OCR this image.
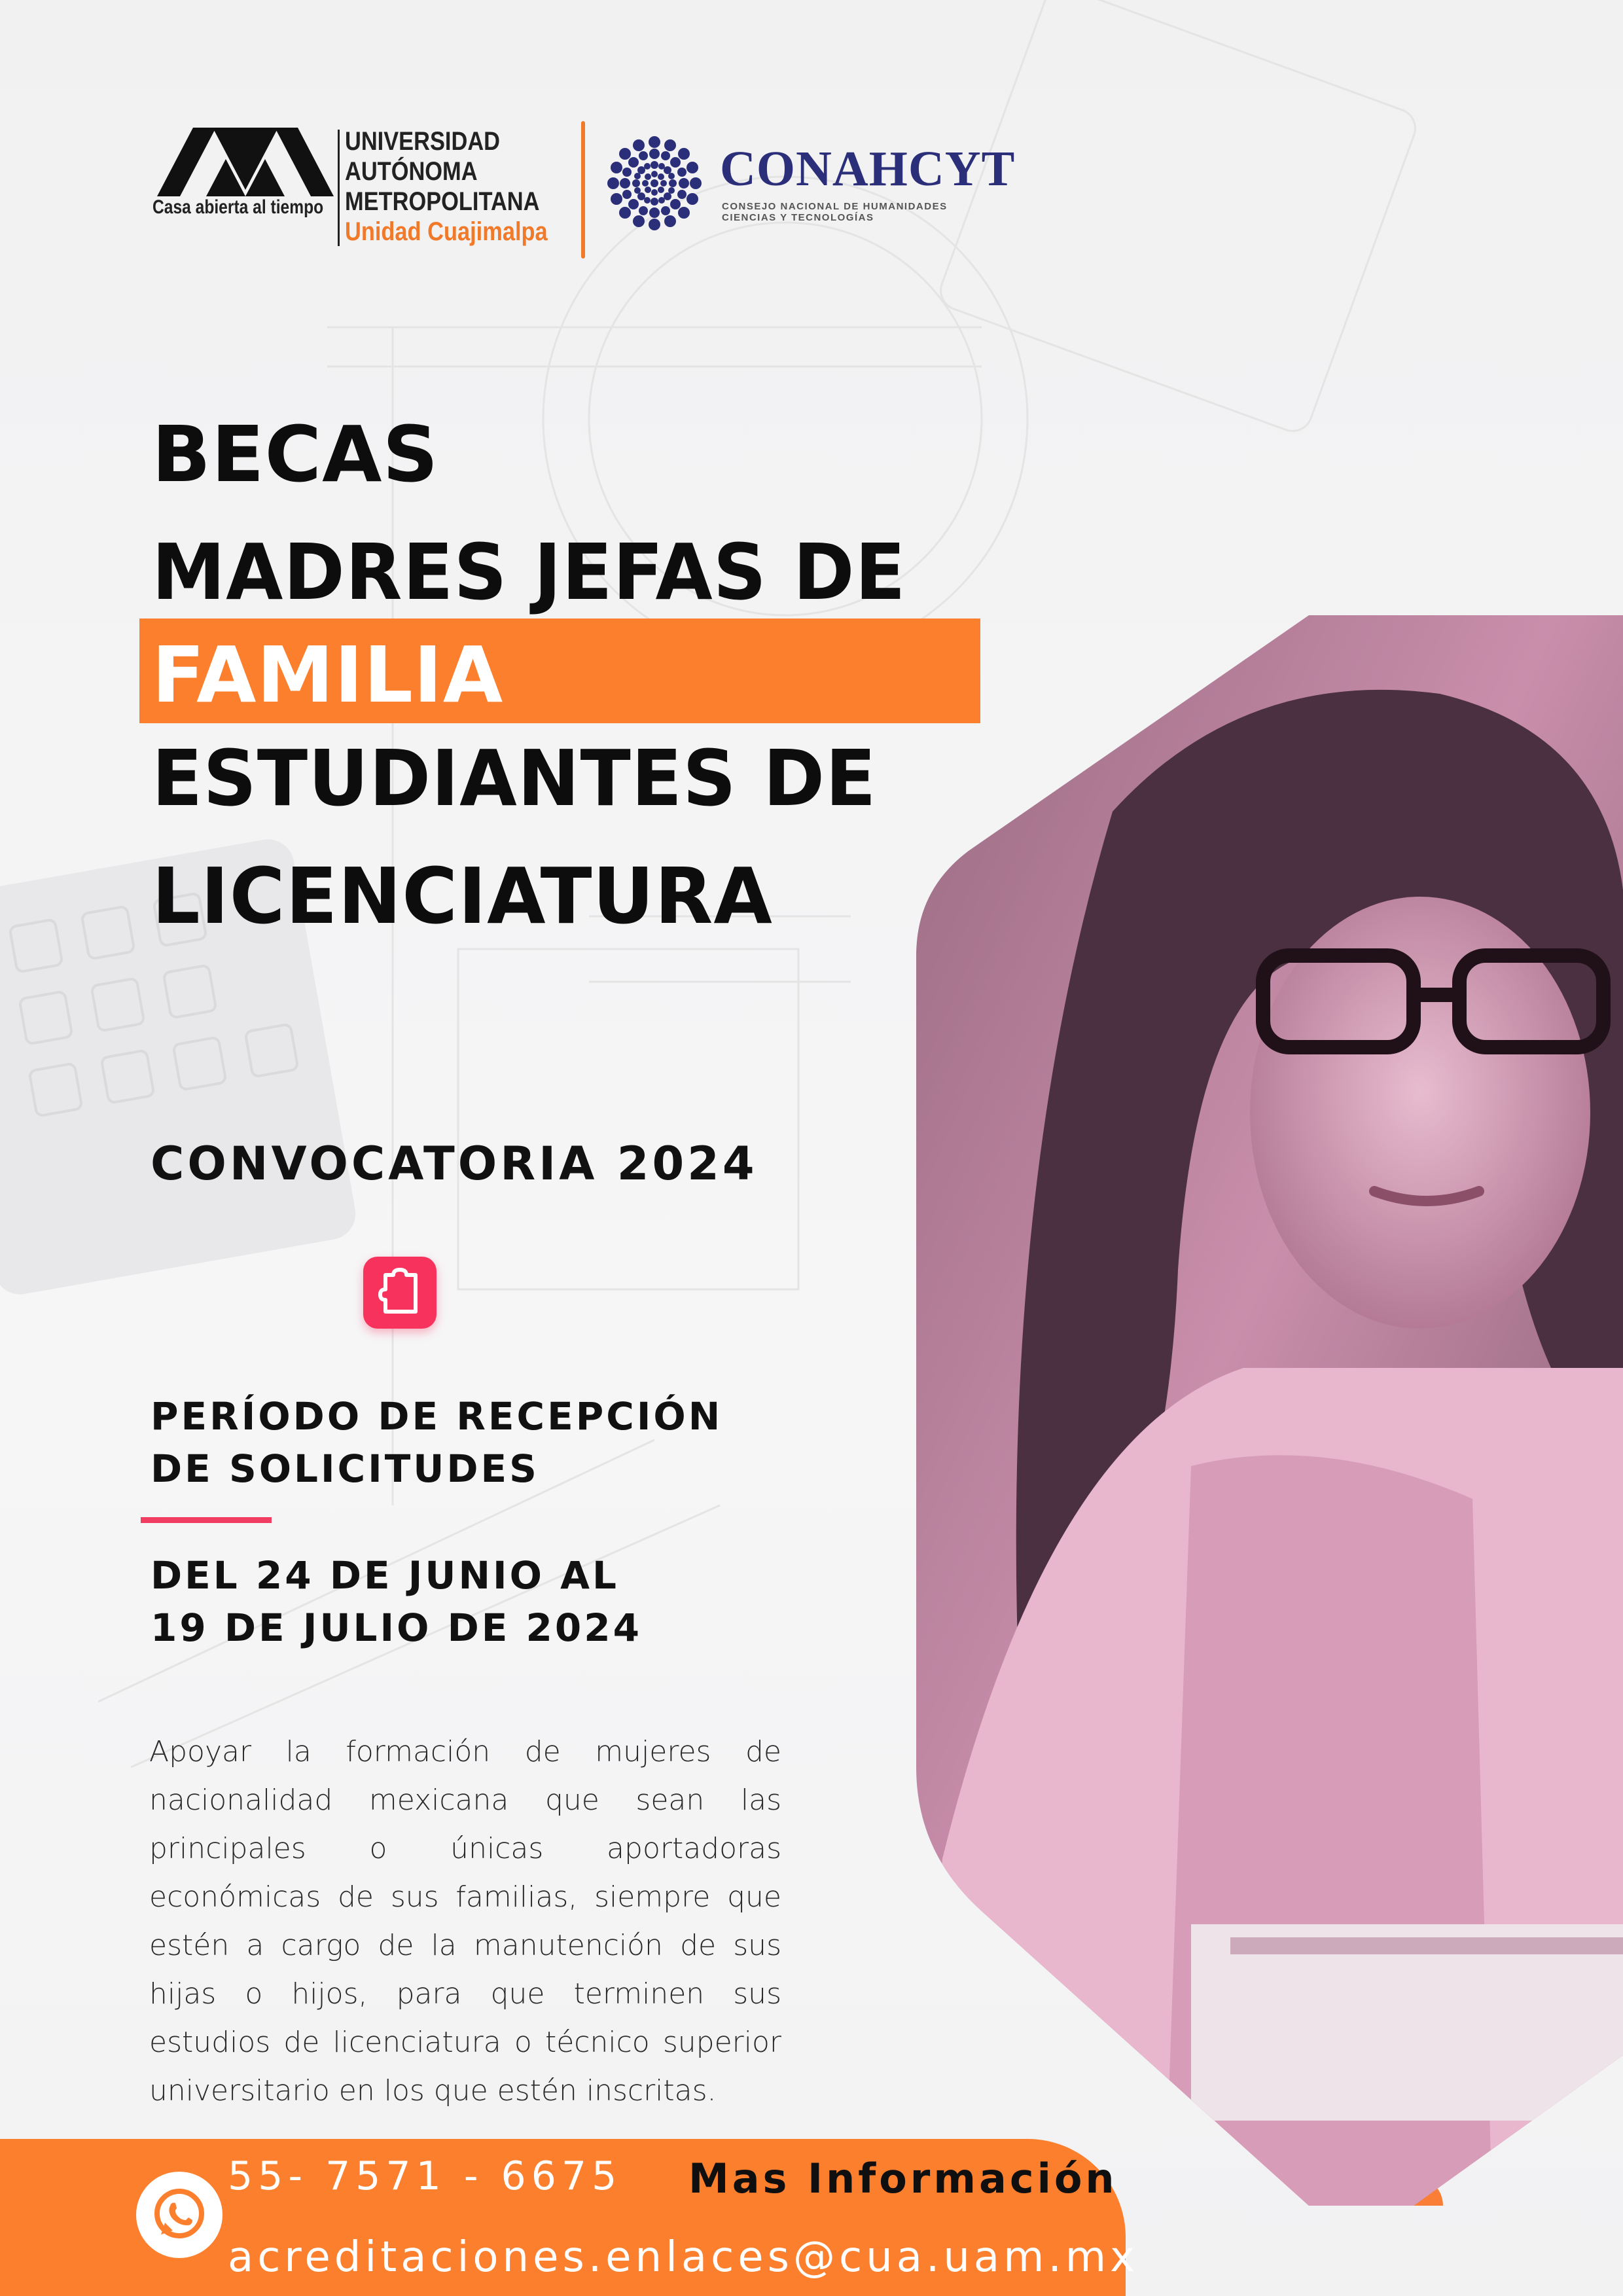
Casa abierta al tiempo
UNIVERSIDAD
AUTÓNOMA
METROPOLITANA
Unidad Cuajimalpa
CONAHCYT
CONSEJO NACIONAL DE HUMANIDADES
CIENCIAS Y TECNOLOGÍAS
BECAS
MADRES JEFAS DE
FAMILIA
ESTUDIANTES DE
LICENCIATURA
CONVOCATORIA 2024
PERÍODO DE RECEPCIÓN
DE SOLICITUDES
DEL 24 DE JUNIO AL
19 DE JULIO DE 2024
Apoyar la formación de mujeres de nacionalidad mexicana que sean las principales o únicas aportadoras económicas de sus familias, siempre que estén a cargo de la manutención de sus hijas o hijos, para que terminen sus estudios de licenciatura o técnico superior universitario en los que estén inscritas.
55- 7571 - 6675 Mas Información
acreditaciones.enlaces@cua.uam.mx
